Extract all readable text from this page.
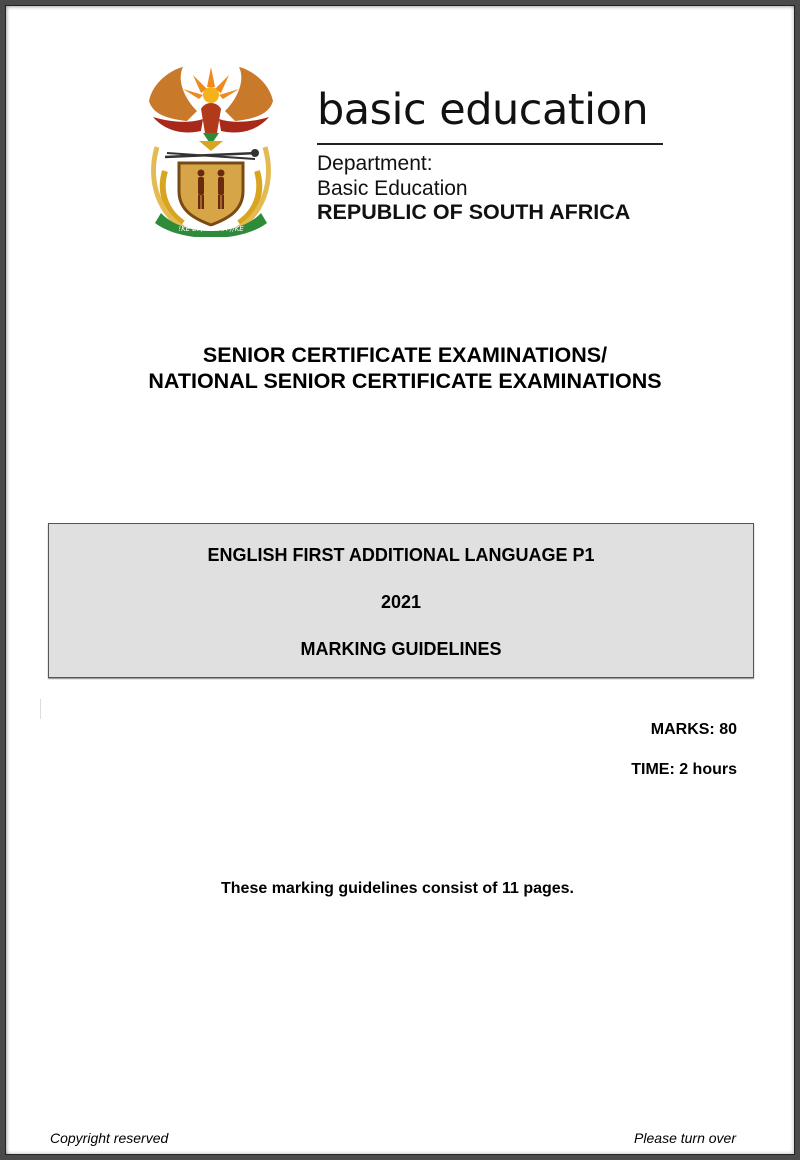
!KE E: /XARRA //KE
basic education
Department:
Basic Education
REPUBLIC OF SOUTH AFRICA
SENIOR CERTIFICATE EXAMINATIONS/
NATIONAL SENIOR CERTIFICATE EXAMINATIONS
ENGLISH FIRST ADDITIONAL LANGUAGE P1
2021
MARKING GUIDELINES
MARKS: 80
TIME: 2 hours
These marking guidelines consist of 11 pages.
Copyright reserved	Please turn over
